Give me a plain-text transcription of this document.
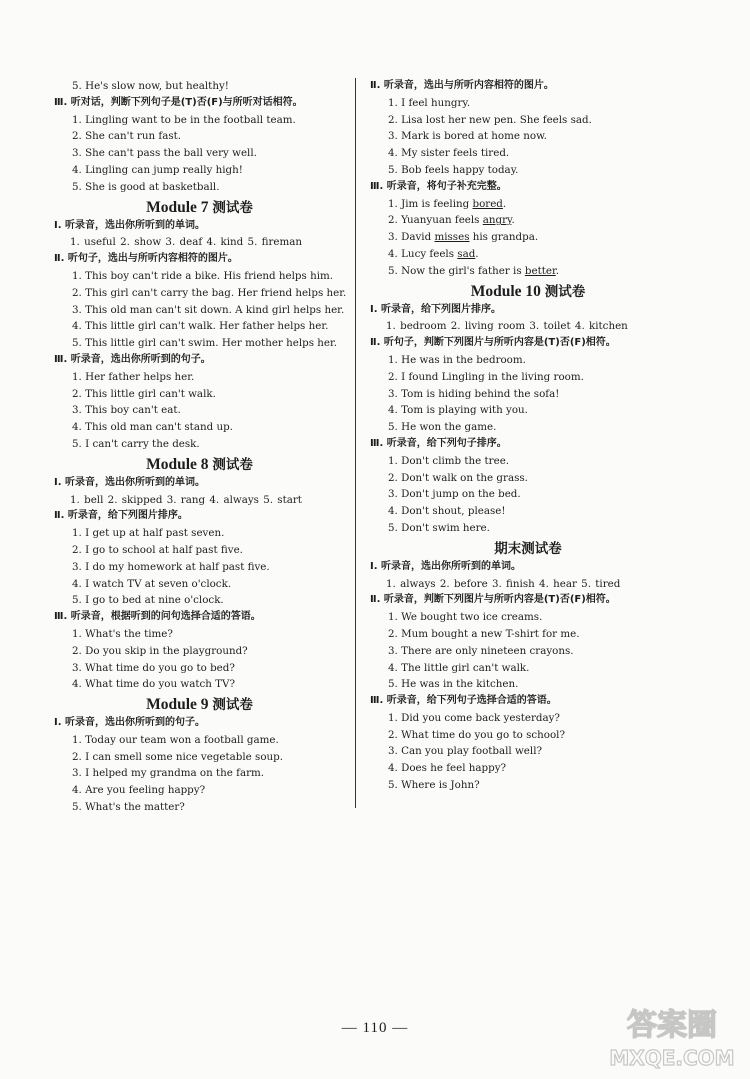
5. He's slow now, but healthy!
Ⅲ. 听对话，判断下列句子是(T)否(F)与所听对话相符。
1. Lingling want to be in the football team.
2. She can't run fast.
3. She can't pass the ball very well.
4. Lingling can jump really high!
5. She is good at basketball.
Module 7 测试卷
Ⅰ. 听录音，选出你所听到的单词。
1. useful 2. show 3. deaf 4. kind 5. fireman
Ⅱ. 听句子，选出与所听内容相符的图片。
1. This boy can't ride a bike. His friend helps him.
2. This girl can't carry the bag. Her friend helps her.
3. This old man can't sit down. A kind girl helps her.
4. This little girl can't walk. Her father helps her.
5. This little girl can't swim. Her mother helps her.
Ⅲ. 听录音，选出你所听到的句子。
1. Her father helps her.
2. This little girl can't walk.
3. This boy can't eat.
4. This old man can't stand up.
5. I can't carry the desk.
Module 8 测试卷
Ⅰ. 听录音，选出你所听到的单词。
1. bell 2. skipped 3. rang 4. always 5. start
Ⅱ. 听录音，给下列图片排序。
1. I get up at half past seven.
2. I go to school at half past five.
3. I do my homework at half past five.
4. I watch TV at seven o'clock.
5. I go to bed at nine o'clock.
Ⅲ. 听录音，根据听到的问句选择合适的答语。
1. What's the time?
2. Do you skip in the playground?
3. What time do you go to bed?
4. What time do you watch TV?
Module 9 测试卷
Ⅰ. 听录音，选出你所听到的句子。
1. Today our team won a football game.
2. I can smell some nice vegetable soup.
3. I helped my grandma on the farm.
4. Are you feeling happy?
5. What's the matter?
Ⅱ. 听录音，选出与所听内容相符的图片。
1. I feel hungry.
2. Lisa lost her new pen. She feels sad.
3. Mark is bored at home now.
4. My sister feels tired.
5. Bob feels happy today.
Ⅲ. 听录音，将句子补充完整。
1. Jim is feeling bored.
2. Yuanyuan feels angry.
3. David misses his grandpa.
4. Lucy feels sad.
5. Now the girl's father is better.
Module 10 测试卷
Ⅰ. 听录音，给下列图片排序。
1. bedroom 2. living room 3. toilet 4. kitchen
Ⅱ. 听句子，判断下列图片与所听内容是(T)否(F)相符。
1. He was in the bedroom.
2. I found Lingling in the living room.
3. Tom is hiding behind the sofa!
4. Tom is playing with you.
5. He won the game.
Ⅲ. 听录音，给下列句子排序。
1. Don't climb the tree.
2. Don't walk on the grass.
3. Don't jump on the bed.
4. Don't shout, please!
5. Don't swim here.
期末测试卷
Ⅰ. 听录音，选出你所听到的单词。
1. always 2. before 3. finish 4. hear 5. tired
Ⅱ. 听录音，判断下列图片与所听内容是(T)否(F)相符。
1. We bought two ice creams.
2. Mum bought a new T-shirt for me.
3. There are only nineteen crayons.
4. The little girl can't walk.
5. He was in the kitchen.
Ⅲ. 听录音，给下列句子选择合适的答语。
1. Did you come back yesterday?
2. What time do you go to school?
3. Can you play football well?
4. Does he feel happy?
5. Where is John?
— 110 —	答案圈
MXQE.COM
